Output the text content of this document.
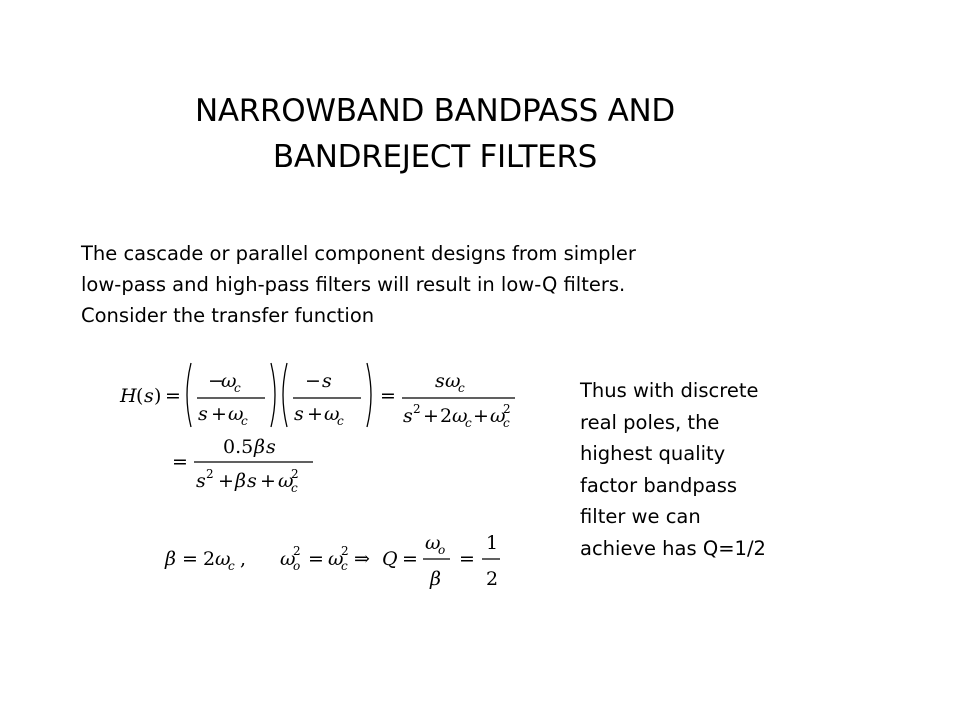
NARROWBAND BANDPASS AND
BANDREJECT FILTERS
The cascade or parallel component designs from simpler
low-pass and high-pass filters will result in low-Q filters.
Consider the transfer function
H ( s ) =
−
ω
c
s + ω
c
− s
s + ω
c
=
s ω
c
s 2 + 2 ω
c + ω
c
2
=
0.5 β s
s 2 + β s + ω
c
2
β = 2 ω
c , ω
o
2 = ω
c
2 ⇒ Q =
ω
o
β
=
1
2
Thus with discrete
real poles, the
highest quality
factor bandpass
filter we can
achieve has Q=1/2
